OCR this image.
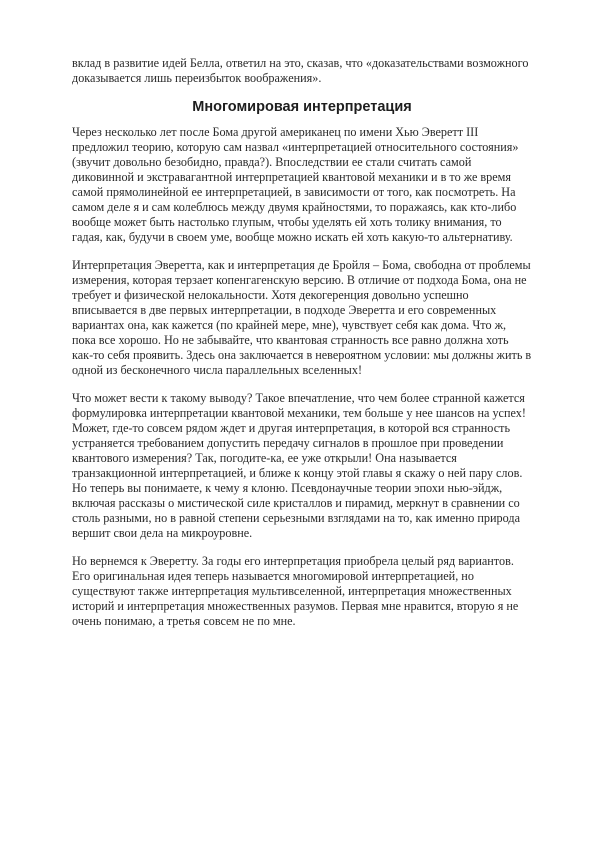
вклад в развитие идей Белла, ответил на это, сказав, что «доказательствами возможного доказывается лишь переизбыток воображения».

Многомировая интерпретация

Через несколько лет после Бома другой американец по имени Хью Эверетт III предложил теорию, которую сам назвал «интерпретацией относительного состояния» (звучит довольно безобидно, правда?). Впоследствии ее стали считать самой диковинной и экстравагантной интерпретацией квантовой механики и в то же время самой прямолинейной ее интерпретацией, в зависимости от того, как посмотреть. На самом деле я и сам колеблюсь между двумя крайностями, то поражаясь, как кто-либо вообще может быть настолько глупым, чтобы уделять ей хоть толику внимания, то гадая, как, будучи в своем уме, вообще можно искать ей хоть какую-то альтернативу.

Интерпретация Эверетта, как и интерпретация де Бройля – Бома, свободна от проблемы измерения, которая терзает копенгагенскую версию. В отличие от подхода Бома, она не требует и физической нелокальности. Хотя декогеренция довольно успешно вписывается в две первых интерпретации, в подходе Эверетта и его современных вариантах она, как кажется (по крайней мере, мне), чувствует себя как дома. Что ж, пока все хорошо. Но не забывайте, что квантовая странность все равно должна хоть как-то себя проявить. Здесь она заключается в невероятном условии: мы должны жить в одной из бесконечного числа параллельных вселенных!

Что может вести к такому выводу? Такое впечатление, что чем более странной кажется формулировка интерпретации квантовой механики, тем больше у нее шансов на успех! Может, где-то совсем рядом ждет и другая интерпретация, в которой вся странность устраняется требованием допустить передачу сигналов в прошлое при проведении квантового измерения? Так, погодите-ка, ее уже открыли! Она называется транзакционной интерпретацией, и ближе к концу этой главы я скажу о ней пару слов. Но теперь вы понимаете, к чему я клоню. Псевдонаучные теории эпохи нью-эйдж, включая рассказы о мистической силе кристаллов и пирамид, меркнут в сравнении со столь разными, но в равной степени серьезными взглядами на то, как именно природа вершит свои дела на микроуровне.

Но вернемся к Эверетту. За годы его интерпретация приобрела целый ряд вариантов. Его оригинальная идея теперь называется многомировой интерпретацией, но существуют также интерпретация мультивселенной, интерпретация множественных историй и интерпретация множественных разумов. Первая мне нравится, вторую я не очень понимаю, а третья совсем не по мне.
